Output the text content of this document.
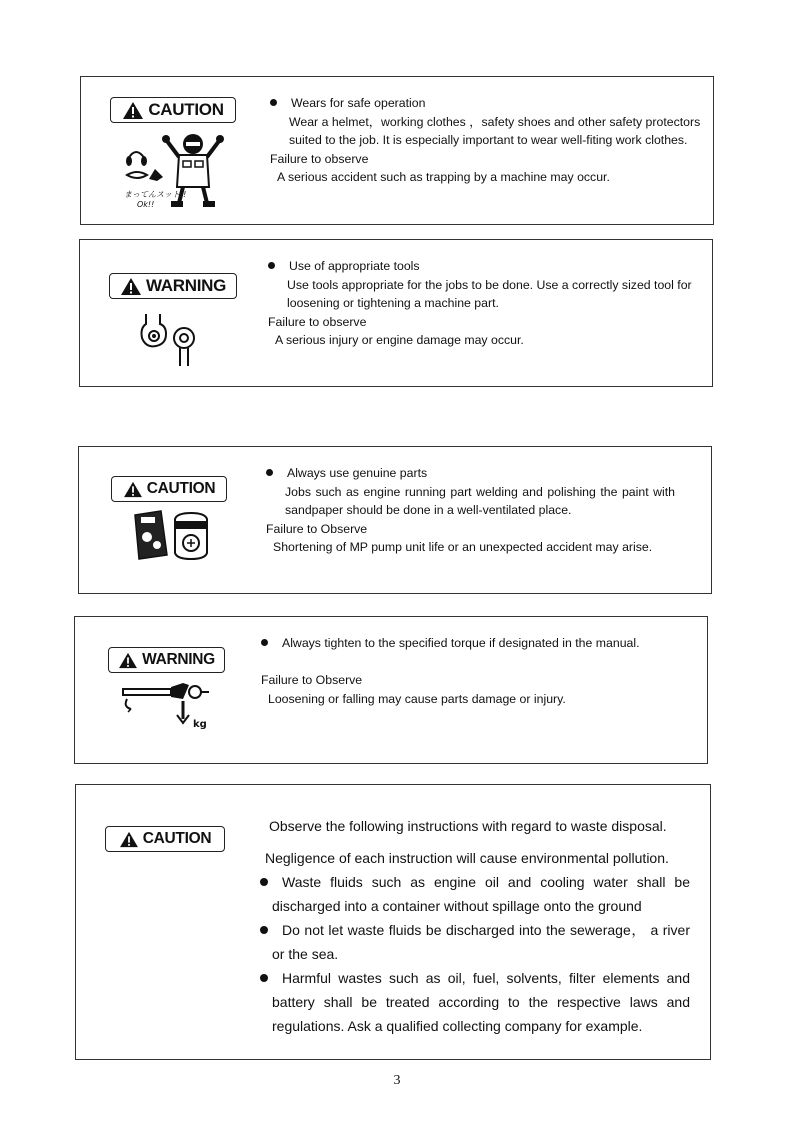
CAUTION
まってんスット!!
Ok!!
Wears for safe operation
Wear a helmet，working clothes ，safety shoes and other safety protectors
suited to the job. It is especially important to wear well-fiting work clothes.
Failure to observe
A serious accident such as trapping by a machine may occur.
WARNING
Use of appropriate tools
Use tools appropriate for the jobs to be done. Use a correctly sized tool for
loosening or tightening a machine part.
Failure to observe
A serious injury or engine damage may occur.
CAUTION
Always use genuine parts
Jobs such as engine running part welding and polishing the paint with
sandpaper should be done in a well-ventilated place.
Failure to Observe
Shortening of MP pump unit life or an unexpected accident may arise.
WARNING
kg
Always tighten to the specified torque if designated in the manual.

Failure to Observe
Loosening or falling may cause parts damage or injury.
CAUTION
Observe the following instructions with regard to waste disposal.
Negligence of each instruction will cause environmental pollution.
Waste fluids such as engine oil and cooling water shall be
discharged into a container without spillage onto the ground
Do not let waste fluids be discharged into the sewerage， a river
or the sea.
Harmful wastes such as oil, fuel, solvents, filter elements and
battery shall be treated according to the respective laws and
regulations. Ask a qualified collecting company for example.
3
